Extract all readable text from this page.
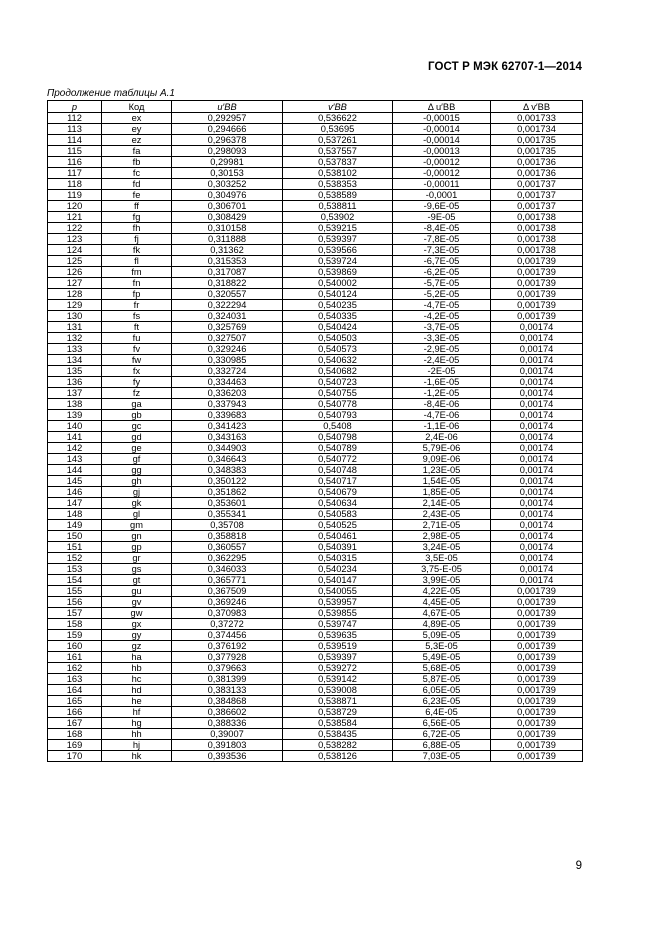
ГОСТ Р МЭК 62707-1—2014
Продолжение таблицы А.1
p	Код	u′BB	v′BB	Δ u′BB	Δ v′BB
112	ex	0,292957	0,536622	-0,00015	0,001733
113	ey	0,294666	0,53695	-0,00014	0,001734
114	ez	0,296378	0,537261	-0,00014	0,001735
115	fa	0,298093	0,537557	-0,00013	0,001735
116	fb	0,29981	0,537837	-0,00012	0,001736
117	fc	0,30153	0,538102	-0,00012	0,001736
118	fd	0,303252	0,538353	-0,00011	0,001737
119	fe	0,304976	0,538589	-0,0001	0,001737
120	ff	0,306701	0,538811	-9,6E-05	0,001737
121	fg	0,308429	0,53902	-9E-05	0,001738
122	fh	0,310158	0,539215	-8,4E-05	0,001738
123	fj	0,311888	0,539397	-7,8E-05	0,001738
124	fk	0,31362	0,539566	-7,3E-05	0,001738
125	fl	0,315353	0,539724	-6,7E-05	0,001739
126	fm	0,317087	0,539869	-6,2E-05	0,001739
127	fn	0,318822	0,540002	-5,7E-05	0,001739
128	fp	0,320557	0,540124	-5,2E-05	0,001739
129	fr	0,322294	0,540235	-4,7E-05	0,001739
130	fs	0,324031	0,540335	-4,2E-05	0,001739
131	ft	0,325769	0,540424	-3,7E-05	0,00174
132	fu	0,327507	0,540503	-3,3E-05	0,00174
133	fv	0,329246	0,540573	-2,9E-05	0,00174
134	fw	0,330985	0,540632	-2,4E-05	0,00174
135	fx	0,332724	0,540682	-2E-05	0,00174
136	fy	0,334463	0,540723	-1,6E-05	0,00174
137	fz	0,336203	0,540755	-1,2E-05	0,00174
138	ga	0,337943	0,540778	-8,4E-06	0,00174
139	gb	0,339683	0,540793	-4,7E-06	0,00174
140	gc	0,341423	0,5408	-1,1E-06	0,00174
141	gd	0,343163	0,540798	2,4E-06	0,00174
142	ge	0,344903	0,540789	5,79E-06	0,00174
143	gf	0,346643	0,540772	9,09E-06	0,00174
144	gg	0,348383	0,540748	1,23E-05	0,00174
145	gh	0,350122	0,540717	1,54E-05	0,00174
146	gj	0,351862	0,540679	1,85E-05	0,00174
147	gk	0,353601	0,540634	2,14E-05	0,00174
148	gl	0,355341	0,540583	2,43E-05	0,00174
149	gm	0,35708	0,540525	2,71E-05	0,00174
150	gn	0,358818	0,540461	2,98E-05	0,00174
151	gp	0,360557	0,540391	3,24E-05	0,00174
152	gr	0,362295	0,540315	3,5E-05	0,00174
153	gs	0,346033	0,540234	3,75-E-05	0,00174
154	gt	0,365771	0,540147	3,99E-05	0,00174
155	gu	0,367509	0,540055	4,22E-05	0,001739
156	gv	0,369246	0,539957	4,45E-05	0,001739
157	gw	0,370983	0,539855	4,67E-05	0,001739
158	gx	0,37272	0,539747	4,89E-05	0,001739
159	gy	0,374456	0,539635	5,09E-05	0,001739
160	gz	0,376192	0,539519	5,3E-05	0,001739
161	ha	0,377928	0,539397	5,49E-05	0,001739
162	hb	0,379663	0,539272	5,68E-05	0,001739
163	hc	0,381399	0,539142	5,87E-05	0,001739
164	hd	0,383133	0,539008	6,05E-05	0,001739
165	he	0,384868	0,538871	6,23E-05	0,001739
166	hf	0,386602	0,538729	6,4E-05	0,001739
167	hg	0,388336	0,538584	6,56E-05	0,001739
168	hh	0,39007	0,538435	6,72E-05	0,001739
169	hj	0,391803	0,538282	6,88E-05	0,001739
170	hk	0,393536	0,538126	7,03E-05	0,001739
9
